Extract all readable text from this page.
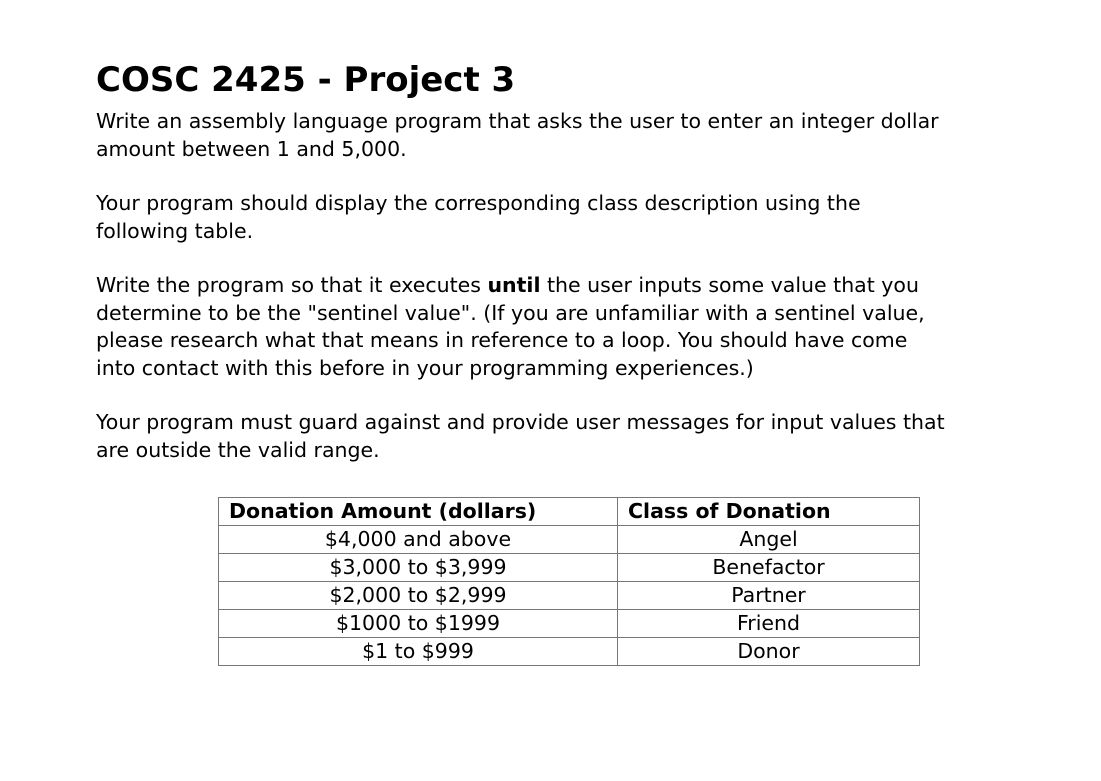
COSC 2425 - Project 3

Write an assembly language program that asks the user to enter an integer dollar
amount between 1 and 5,000.

Your program should display the corresponding class description using the
following table.

Write the program so that it executes until the user inputs some value that you
determine to be the "sentinel value". (If you are unfamiliar with a sentinel value,
please research what that means in reference to a loop. You should have come
into contact with this before in your programming experiences.)

Your program must guard against and provide user messages for input values that
are outside the valid range.

Donation Amount (dollars)	Class of Donation
$4,000 and above	Angel
$3,000 to $3,999	Benefactor
$2,000 to $2,999	Partner
$1000 to $1999	Friend
$1 to $999	Donor
